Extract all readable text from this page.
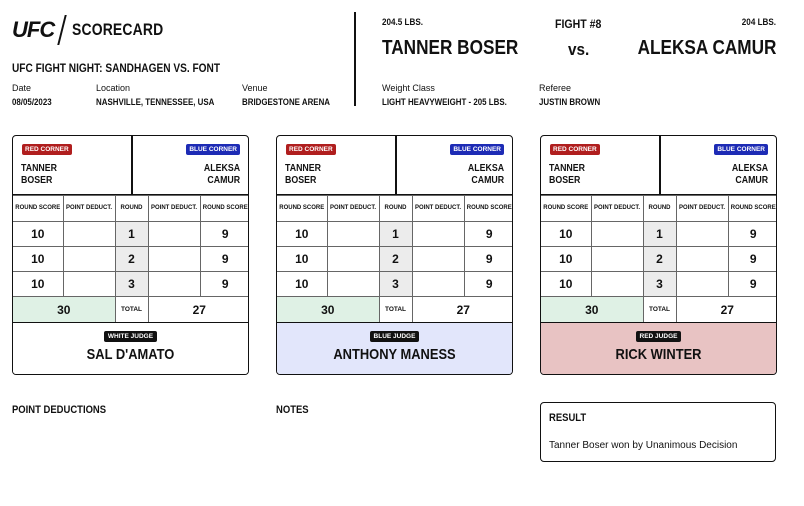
UFC SCORECARD
UFC FIGHT NIGHT: SANDHAGEN VS. FONT
Date
08/05/2023
Location
NASHVILLE, TENNESSEE, USA
Venue
BRIDGESTONE ARENA
204.5 LBS.	FIGHT #8	204 LBS.
TANNER BOSER	vs. ALEKSA CAMUR
Weight Class
LIGHT HEAVYWEIGHT - 205 LBS.
Referee
JUSTIN BROWN
RED CORNER	BLUE CORNER
TANNER
BOSER
ALEKSA
CAMUR
ROUND SCORE	POINT DEDUCT.	ROUND	POINT DEDUCT.	ROUND SCORE
10		1		9
10		2		9
10		3		9
30		TOTAL	27	
WHITE JUDGE
SAL D'AMATO
RED CORNER	BLUE CORNER
TANNER
BOSER
ALEKSA
CAMUR
ROUND SCORE	POINT DEDUCT.	ROUND	POINT DEDUCT.	ROUND SCORE
10		1		9
10		2		9
10		3		9
30		TOTAL	27	
BLUE JUDGE
ANTHONY MANESS
RED CORNER	BLUE CORNER
TANNER
BOSER
ALEKSA
CAMUR
ROUND SCORE	POINT DEDUCT.	ROUND	POINT DEDUCT.	ROUND SCORE
10		1		9
10		2		9
10		3		9
30		TOTAL	27	
RED JUDGE
RICK WINTER
POINT DEDUCTIONS	NOTES
RESULT
Tanner Boser won by Unanimous Decision
